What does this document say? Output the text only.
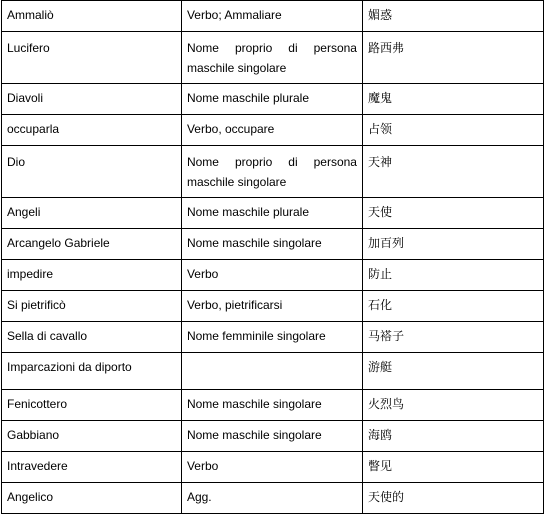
Ammaliò	Verbo; Ammaliare	媚惑
Lucifero	Nome proprio di persona maschile singolare	路西弗
Diavoli	Nome maschile plurale	魔鬼
occuparla	Verbo, occupare	占领
Dio	Nome proprio di persona maschile singolare	天神
Angeli	Nome maschile plurale	天使
Arcangelo Gabriele	Nome maschile singolare	加百列
impedire	Verbo	防止
Si pietrificò	Verbo, pietrificarsi	石化
Sella di cavallo	Nome femminile singolare	马褡子
Imparcazioni da diporto		游艇
Fenicottero	Nome maschile singolare	火烈鸟
Gabbiano	Nome maschile singolare	海鸥
Intravedere	Verbo	瞥见
Angelico	Agg.	天使的
